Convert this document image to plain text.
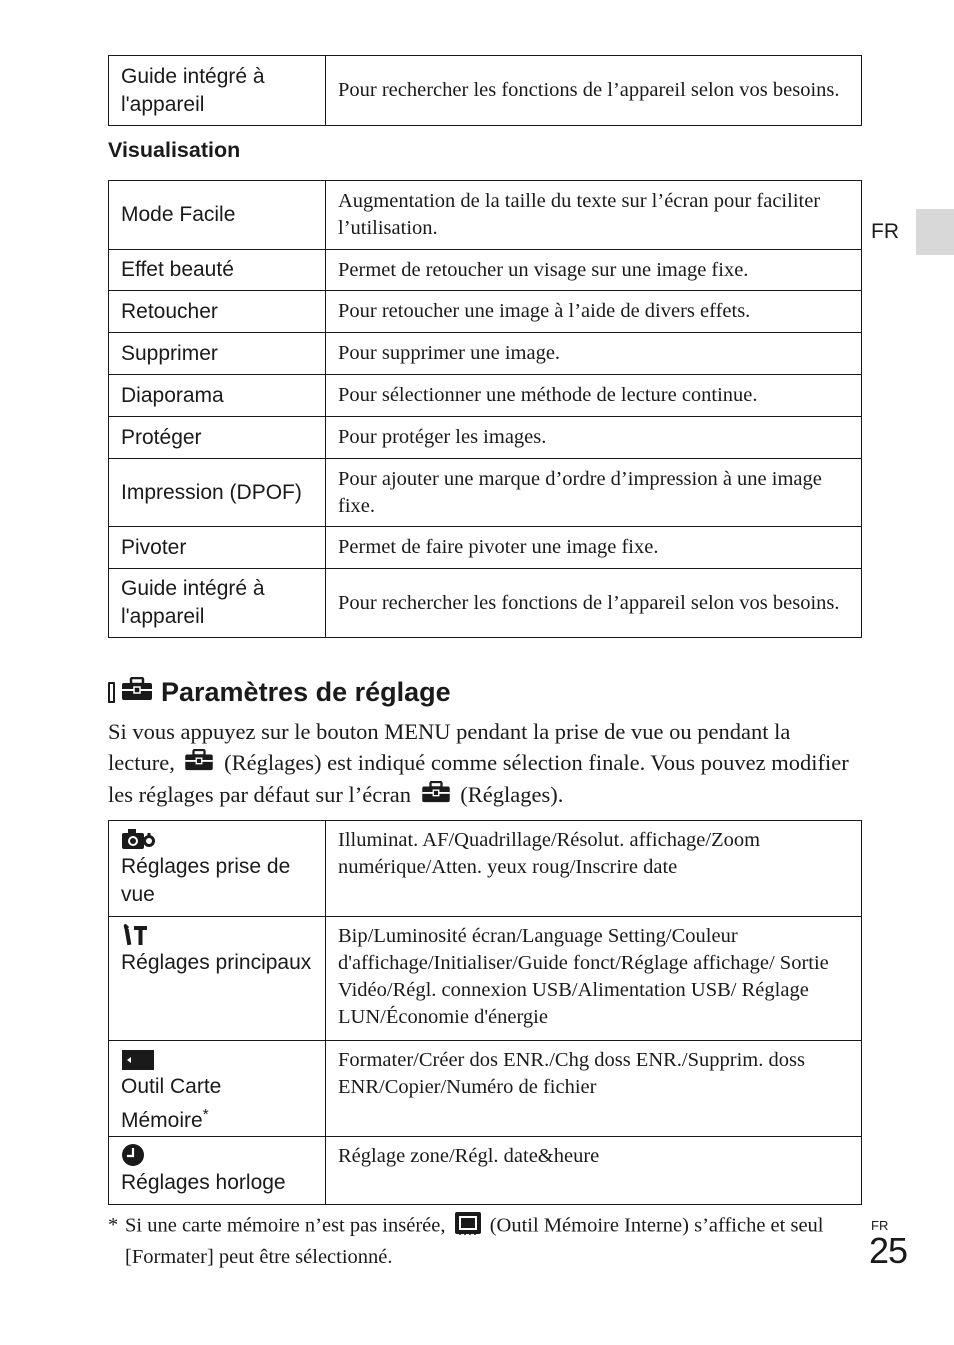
Guide intégré à l'appareil	Pour rechercher les fonctions de l’appareil selon vos besoins.
Visualisation
Mode Facile	Augmentation de la taille du texte sur l’écran pour faciliter l’utilisation.
Effet beauté	Permet de retoucher un visage sur une image fixe.
Retoucher	Pour retoucher une image à l’aide de divers effets.
Supprimer	Pour supprimer une image.
Diaporama	Pour sélectionner une méthode de lecture continue.
Protéger	Pour protéger les images.
Impression (DPOF)	Pour ajouter une marque d’ordre d’impression à une image fixe.
Pivoter	Permet de faire pivoter une image fixe.
Guide intégré à l'appareil	Pour rechercher les fonctions de l’appareil selon vos besoins.
FR
Paramètres de réglage
Si vous appuyez sur le bouton MENU pendant la prise de vue ou pendant la lecture, (Réglages) est indiqué comme sélection finale. Vous pouvez modifier les réglages par défaut sur l’écran (Réglages).
Réglages prise de vue	Illuminat. AF/Quadrillage/Résolut. affichage/Zoom numérique/Atten. yeux roug/Inscrire date

Réglages principaux	Bip/Luminosité écran/Language Setting/Couleur d'affichage/Initialiser/Guide fonct/Réglage affichage/ Sortie Vidéo/Régl. connexion USB/Alimentation USB/ Réglage LUN/Économie d'énergie

Outil Carte Mémoire*	Formater/Créer dos ENR./Chg doss ENR./Supprim. doss ENR/Copier/Numéro de fichier

Réglages horloge	Réglage zone/Régl. date&heure
* Si une carte mémoire n’est pas insérée, (Outil Mémoire Interne) s’affiche et seul [Formater] peut être sélectionné.
FR
25
